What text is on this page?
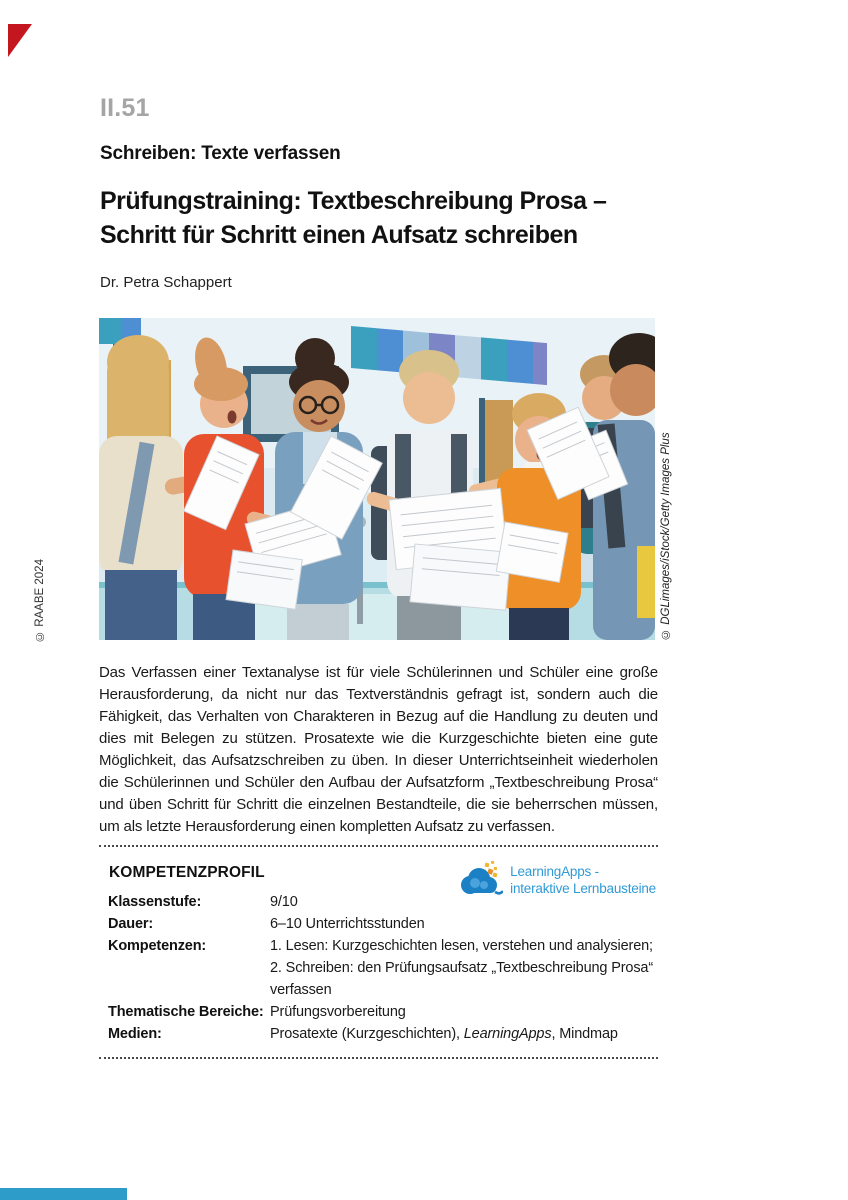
II.51
Schreiben: Texte verfassen
Prüfungstraining: Textbeschreibung Prosa –
Schritt für Schritt einen Aufsatz schreiben
Dr. Petra Schappert
© DGLimages/iStock/Getty Images Plus
© RAABE 2024
Das Verfassen einer Textanalyse ist für viele Schülerinnen und Schüler eine große Herausforderung, da nicht nur das Textverständnis gefragt ist, sondern auch die Fähigkeit, das Verhalten von Charakteren in Bezug auf die Handlung zu deuten und dies mit Belegen zu stützen. Prosatexte wie die Kurzgeschichte bieten eine gute Möglichkeit, das Aufsatzschreiben zu üben. In dieser Unterrichtseinheit wiederholen die Schülerinnen und Schüler den Aufbau der Aufsatzform „Textbeschreibung Prosa“ und üben Schritt für Schritt die einzelnen Bestandteile, die sie beherrschen müssen, um als letzte Herausforderung einen kompletten Aufsatz zu verfassen.
KOMPETENZPROFIL	LearningApps -
interaktive Lernbausteine
Klassenstufe:	9/10
Dauer:	6–10 Unterrichtsstunden
Kompetenzen:	1. Lesen: Kurzgeschichten lesen, verstehen und analysieren;
2. Schreiben: den Prüfungsaufsatz „Textbeschreibung Prosa“
verfassen
Thematische Bereiche: Prüfungsvorbereitung
Medien:	Prosatexte (Kurzgeschichten), LearningApps, Mindmap
